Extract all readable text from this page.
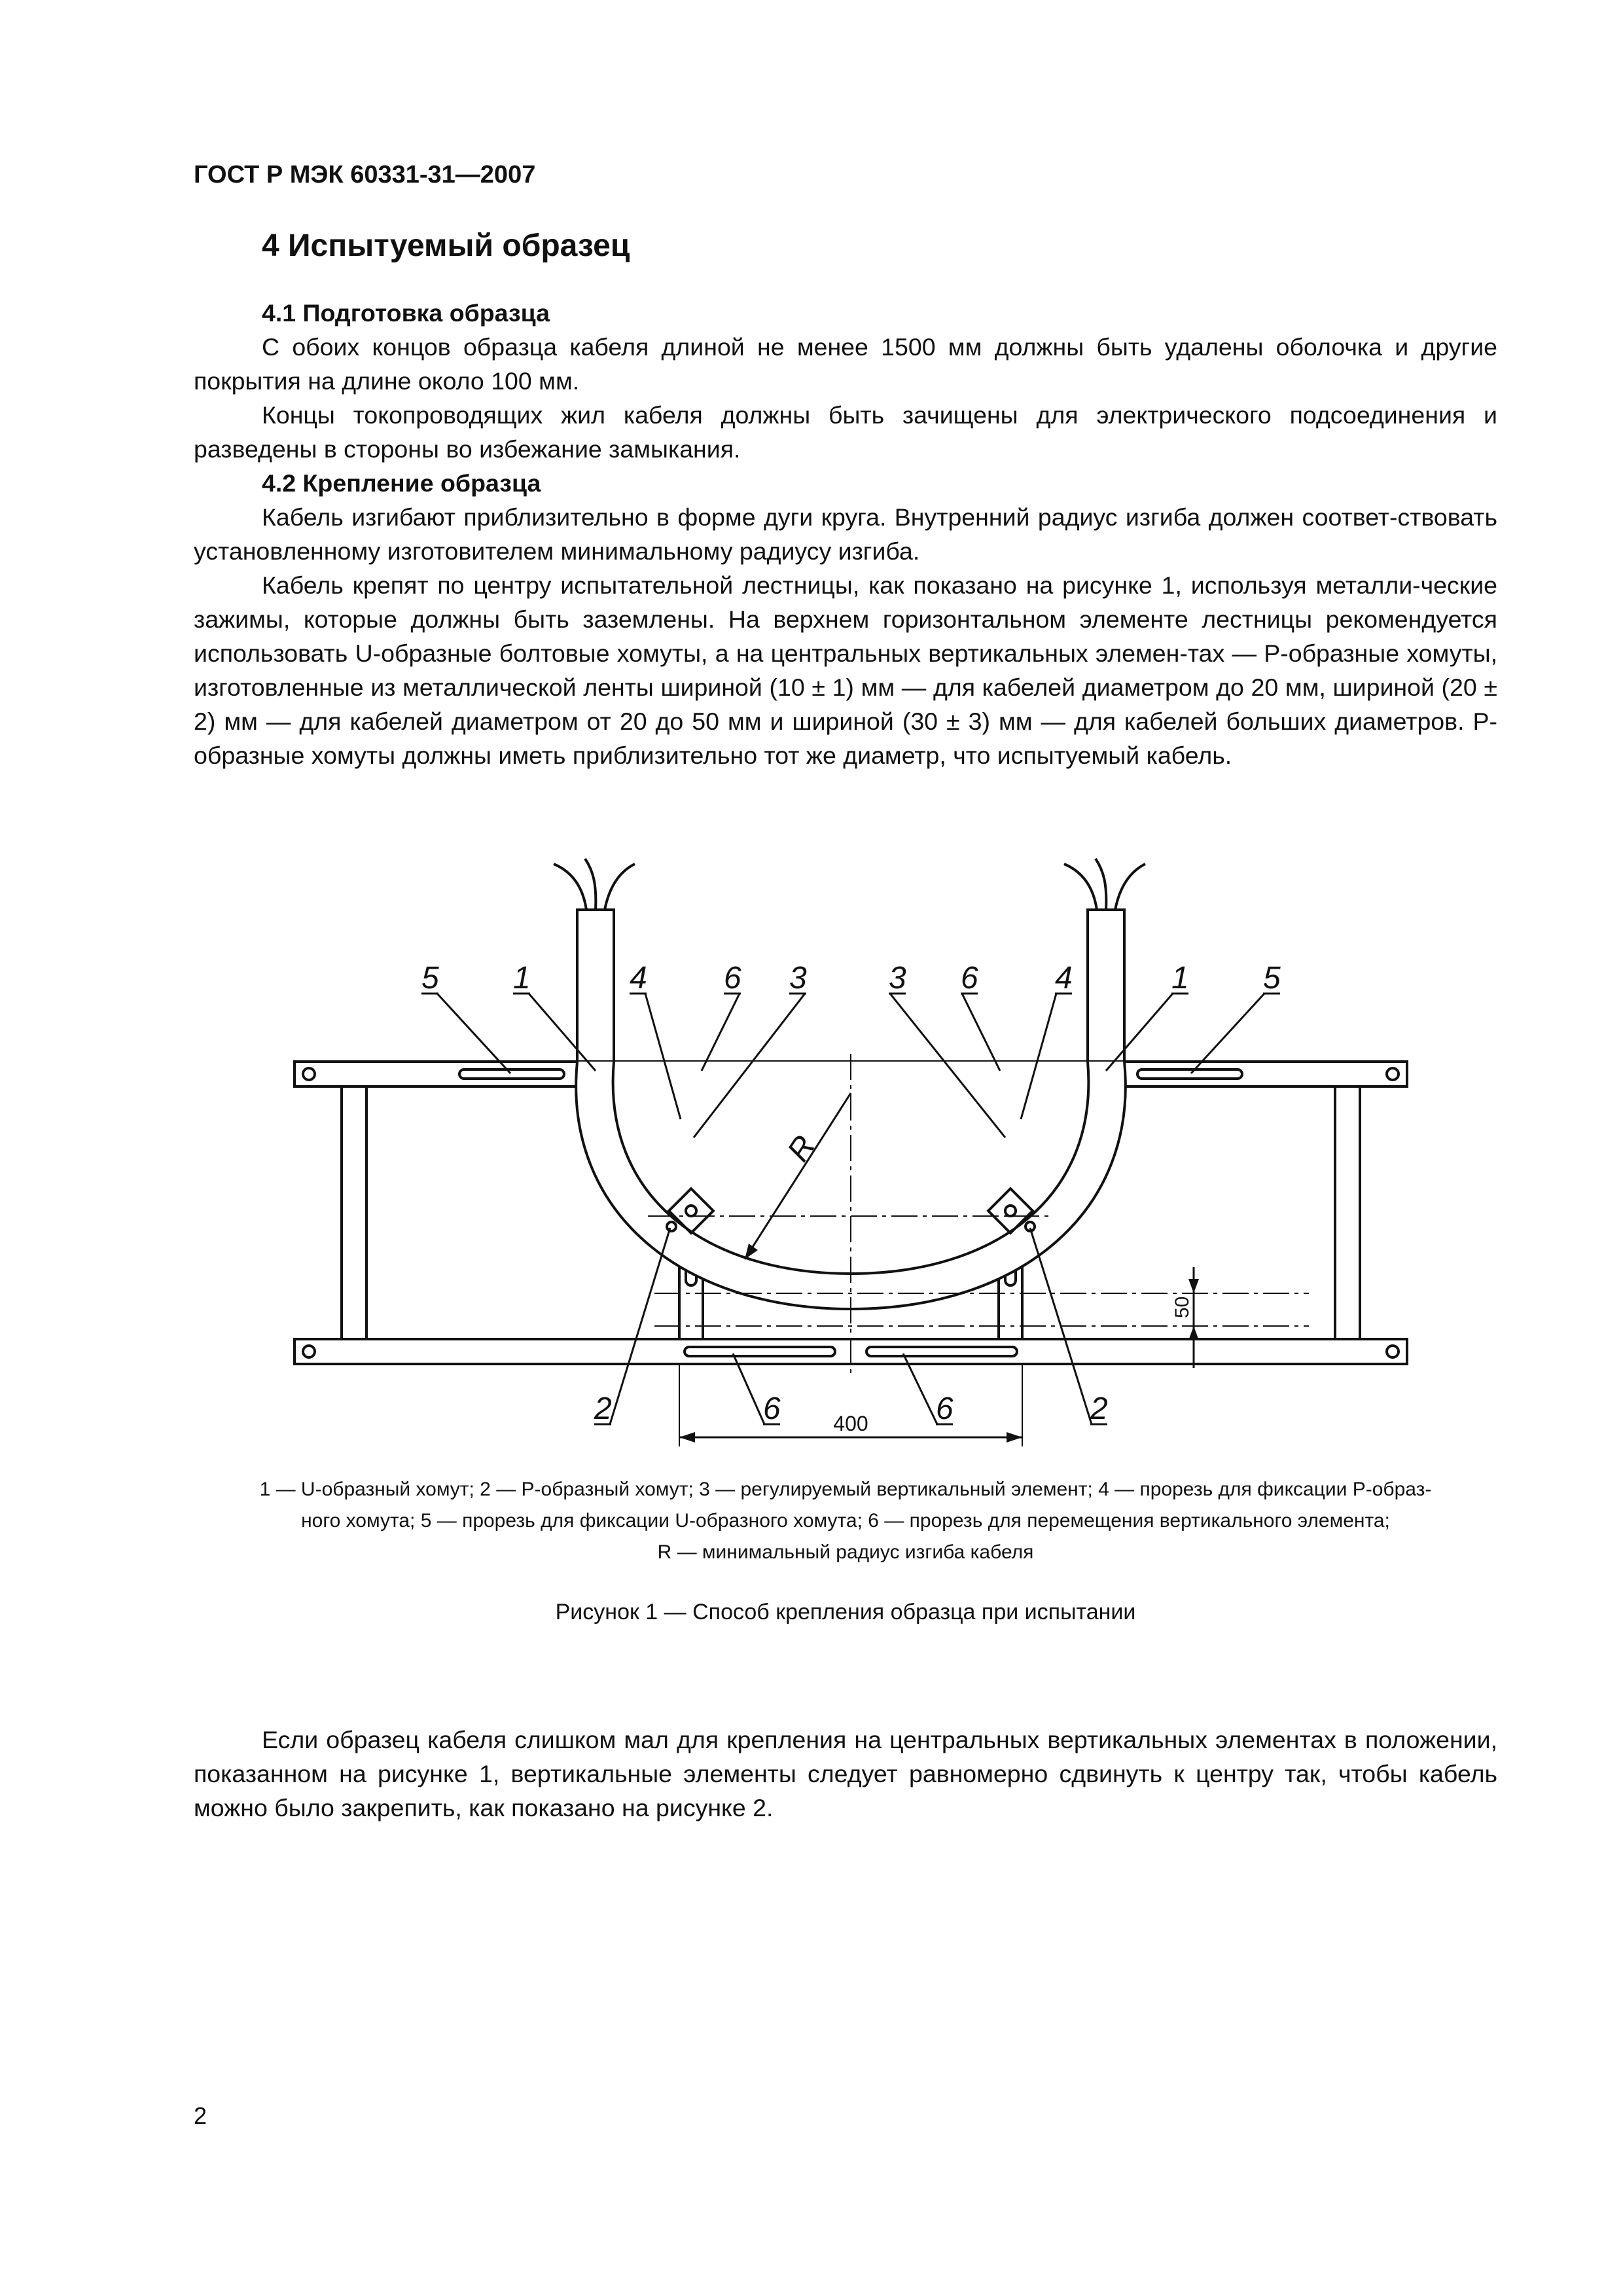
ГОСТ Р МЭК 60331-31—2007
4 Испытуемый образец

4.1 Подготовка образца

С обоих концов образца кабеля длиной не менее 1500 мм должны быть удалены оболочка и другие покрытия на длине около 100 мм.

Концы токопроводящих жил кабеля должны быть зачищены для электрического подсоединения и разведены в стороны во избежание замыкания.

4.2 Крепление образца

Кабель изгибают приблизительно в форме дуги круга. Внутренний радиус изгиба должен соответ-ствовать установленному изготовителем минимальному радиусу изгиба.

Кабель крепят по центру испытательной лестницы, как показано на рисунке 1, используя металли-ческие зажимы, которые должны быть заземлены. На верхнем горизонтальном элементе лестницы рекомендуется использовать U-образные болтовые хомуты, а на центральных вертикальных элемен-тах — P-образные хомуты, изготовленные из металлической ленты шириной (10 ± 1) мм — для кабелей диаметром до 20 мм, шириной (20 ± 2) мм — для кабелей диаметром от 20 до 50 мм и шириной (30 ± 3) мм — для кабелей больших диаметров. P-образные хомуты должны иметь приблизительно тот же диаметр, что испытуемый кабель.

R
50
400
5 1	4 6 3	3 6 4	1 5
2	6	6	2
1 — U-образный хомут; 2 — P-образный хомут; 3 — регулируемый вертикальный элемент; 4 — прорезь для фиксации P-образ-
ного хомута; 5 — прорезь для фиксации U-образного хомута; 6 — прорезь для перемещения вертикального элемента;
R — минимальный радиус изгиба кабеля
Рисунок 1 — Способ крепления образца при испытании

Если образец кабеля слишком мал для крепления на центральных вертикальных элементах в положении, показанном на рисунке 1, вертикальные элементы следует равномерно сдвинуть к центру так, чтобы кабель можно было закрепить, как показано на рисунке 2.

2
